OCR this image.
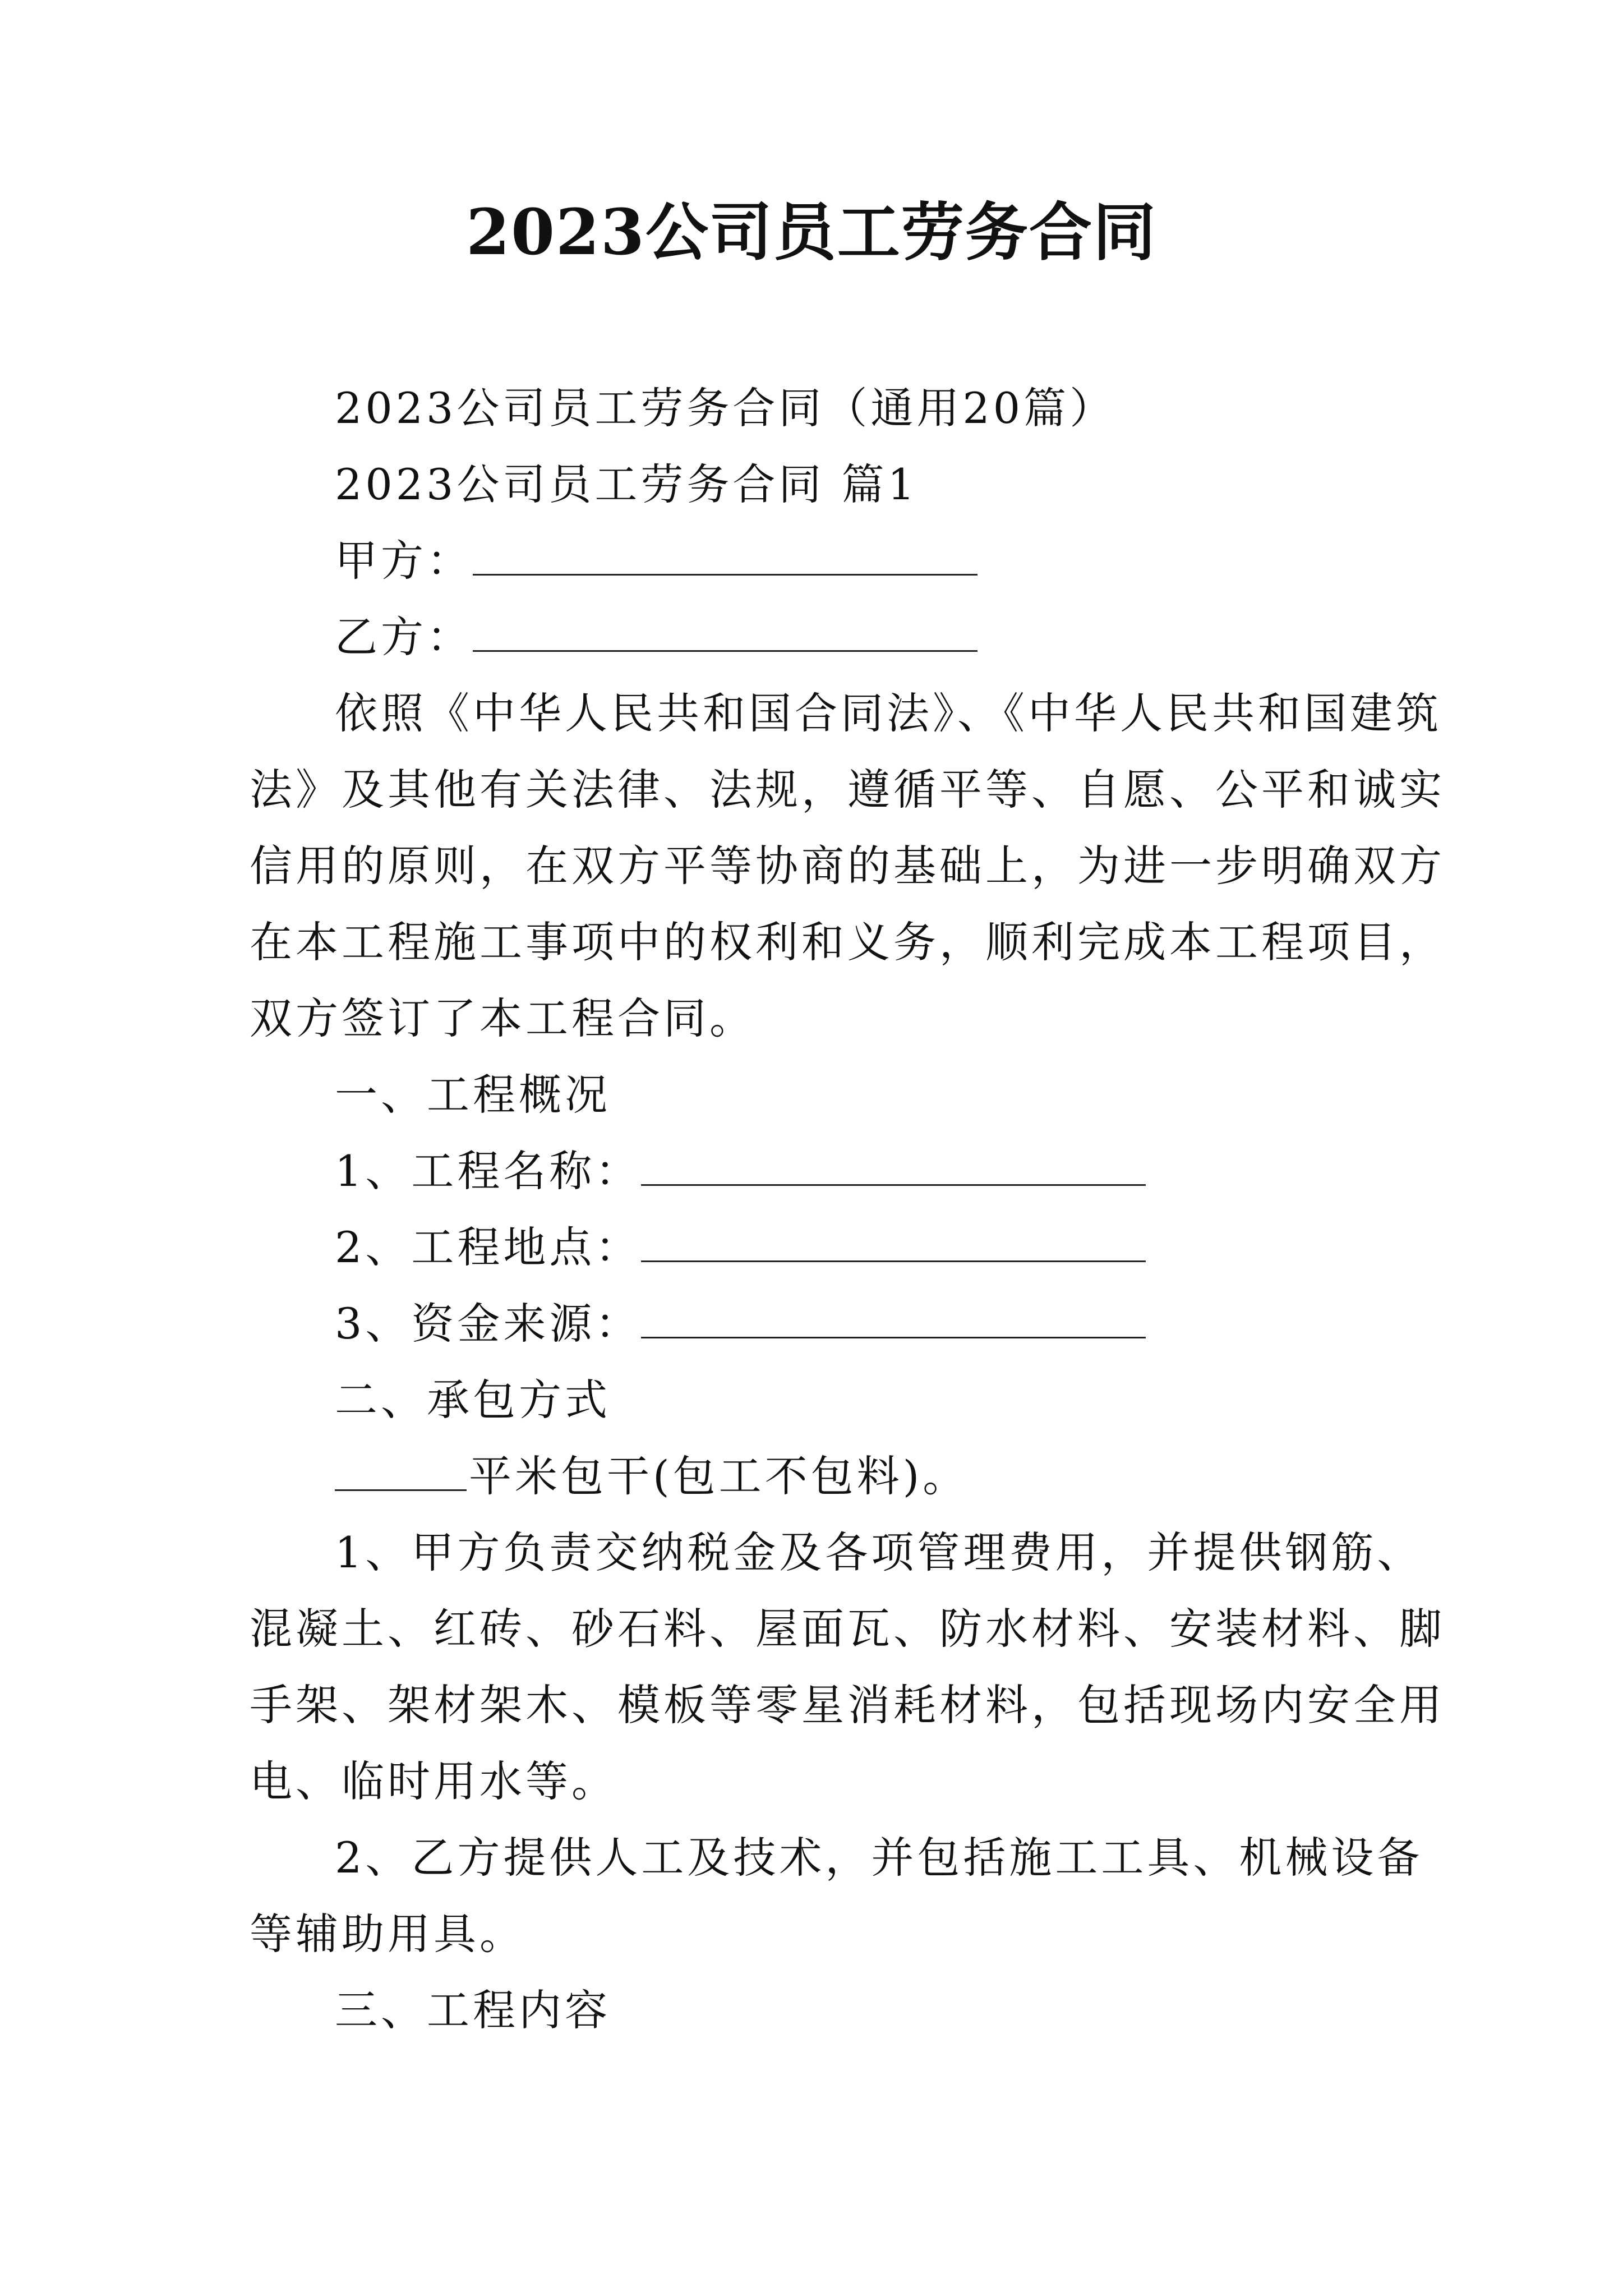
2023公司员工劳务合同
2023公司员工劳务合同（通用20篇）
2023公司员工劳务合同 篇1
甲方：
乙方：
依照《中华人民共和国合同法》、《中华人民共和国建筑
法》及其他有关法律、法规，遵循平等、自愿、公平和诚实
信用的原则，在双方平等协商的基础上，为进一步明确双方
在本工程施工事项中的权利和义务，顺利完成本工程项目，
双方签订了本工程合同。
一、工程概况
1、工程名称：
2、工程地点：
3、资金来源：
二、承包方式
平米包干(包工不包料)。
1、甲方负责交纳税金及各项管理费用，并提供钢筋、
混凝土、红砖、砂石料、屋面瓦、防水材料、安装材料、脚
手架、架材架木、模板等零星消耗材料，包括现场内安全用
电、临时用水等。
2、乙方提供人工及技术，并包括施工工具、机械设备
等辅助用具。
三、工程内容
